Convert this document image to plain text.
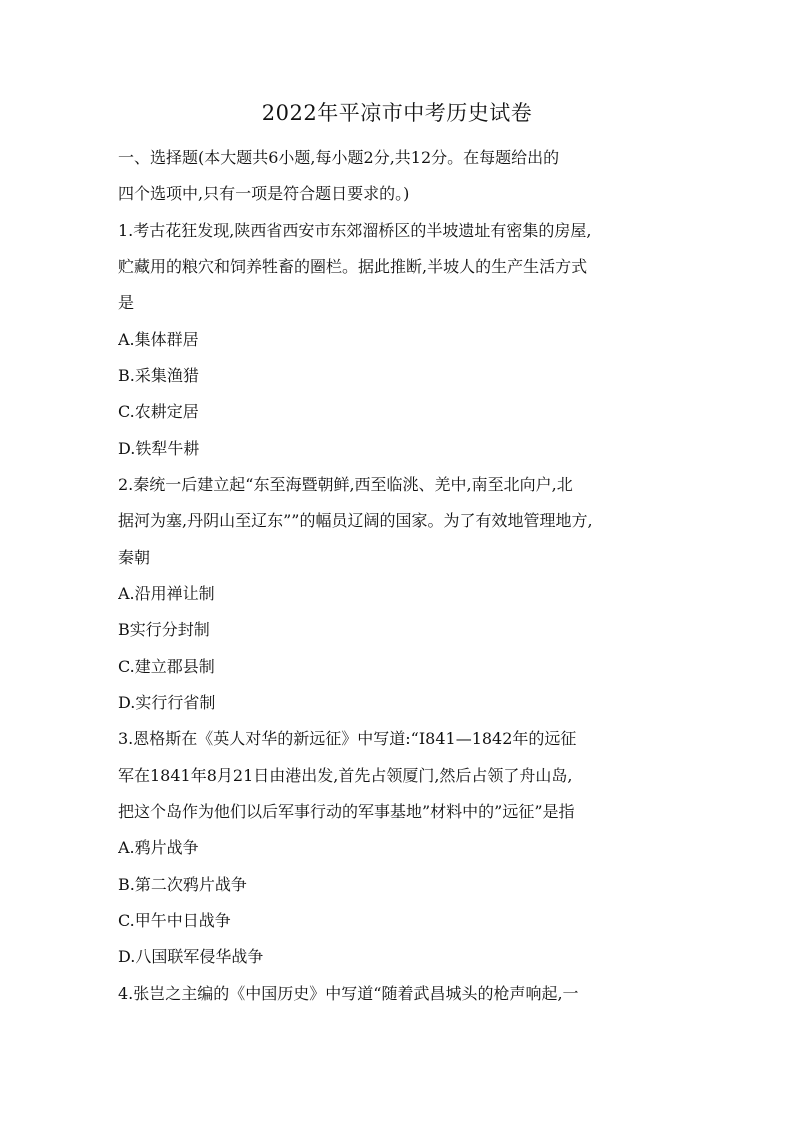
2022年平凉市中考历史试卷
一、选择题(本大题共6小题,每小题2分,共12分。在每题给出的
四个选项中,只有一项是符合题日要求的。)
1.考古花狂发现,陕西省西安市东郊溜桥区的半坡遗址有密集的房屋,
贮藏用的粮穴和饲养牲畜的圈栏。据此推断,半坡人的生产生活方式
是
A.集体群居
B.采集渔猎
C.农耕定居
D.铁犁牛耕
2.秦统一后建立起“东至海暨朝鲜,西至临洮、羌中,南至北向户,北
据河为塞,丹阴山至辽东””的幅员辽阔的国家。为了有效地管理地方,
秦朝
A.沿用禅让制
B实行分封制
C.建立郡县制
D.实行行省制
3.恩格斯在《英人对华的新远征》中写道:“I841—1842年的远征
军在1841年8月21日由港出发,首先占领厦门,然后占领了舟山岛,
把这个岛作为他们以后军事行动的军事基地”材料中的”远征”是指
A.鸦片战争
B.第二次鸦片战争
C.甲午中日战争
D.八国联军侵华战争
4.张岂之主编的《中国历史》中写道“随着武昌城头的枪声响起,一
